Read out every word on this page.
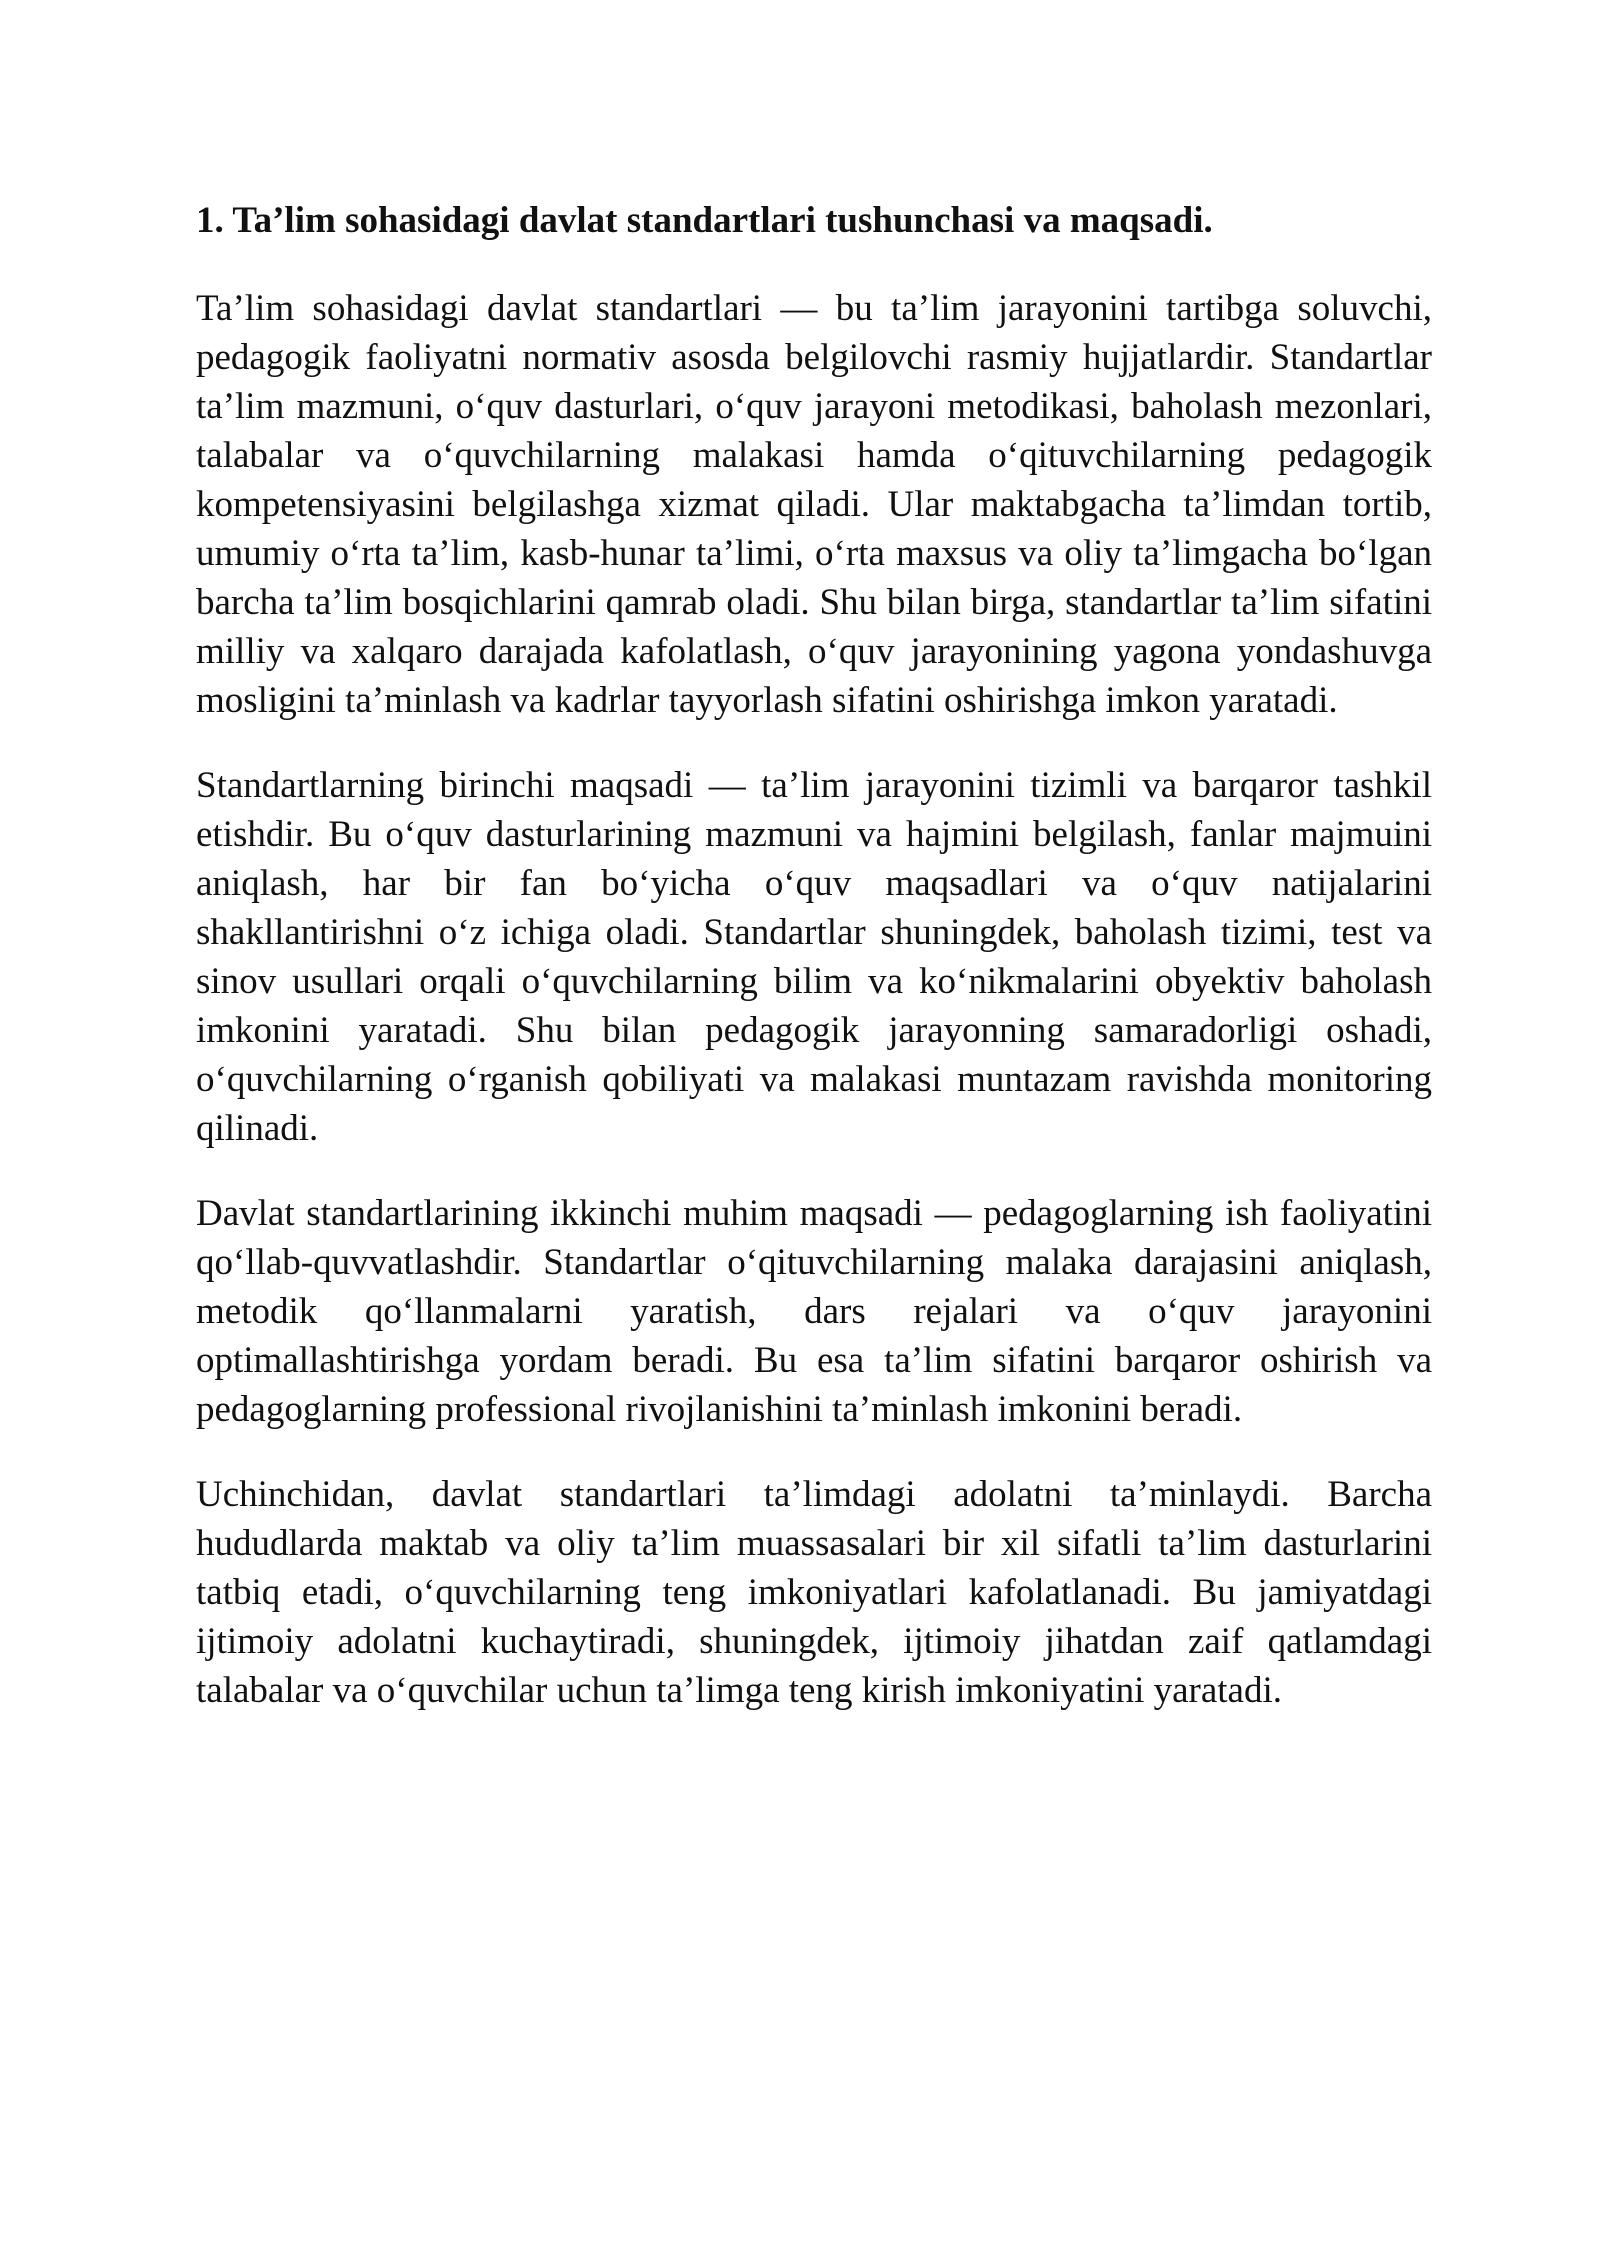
1. Ta’lim sohasidagi davlat standartlari tushunchasi va maqsadi.

Ta’lim sohasidagi davlat standartlari — bu ta’lim jarayonini tartibga soluvchi, pedagogik faoliyatni normativ asosda belgilovchi rasmiy hujjatlardir. Standartlar ta’lim mazmuni, o‘quv dasturlari, o‘quv jarayoni metodikasi, baholash mezonlari, talabalar va o‘quvchilarning malakasi hamda o‘qituvchilarning pedagogik kompetensiyasini belgilashga xizmat qiladi. Ular maktabgacha ta’limdan tortib, umumiy o‘rta ta’lim, kasb-hunar ta’limi, o‘rta maxsus va oliy ta’limgacha bo‘lgan barcha ta’lim bosqichlarini qamrab oladi. Shu bilan birga, standartlar ta’lim sifatini milliy va xalqaro darajada kafolatlash, o‘quv jarayonining yagona yondashuvga mosligini ta’minlash va kadrlar tayyorlash sifatini oshirishga imkon yaratadi.

Standartlarning birinchi maqsadi — ta’lim jarayonini tizimli va barqaror tashkil etishdir. Bu o‘quv dasturlarining mazmuni va hajmini belgilash, fanlar majmuini aniqlash, har bir fan bo‘yicha o‘quv maqsadlari va o‘quv natijalarini shakllantirishni o‘z ichiga oladi. Standartlar shuningdek, baholash tizimi, test va sinov usullari orqali o‘quvchilarning bilim va ko‘nikmalarini obyektiv baholash imkonini yaratadi. Shu bilan pedagogik jarayonning samaradorligi oshadi, o‘quvchilarning o‘rganish qobiliyati va malakasi muntazam ravishda monitoring qilinadi.

Davlat standartlarining ikkinchi muhim maqsadi — pedagoglarning ish faoliyatini qo‘llab-quvvatlashdir. Standartlar o‘qituvchilarning malaka darajasini aniqlash, metodik qo‘llanmalarni yaratish, dars rejalari va o‘quv jarayonini optimallashtirishga yordam beradi. Bu esa ta’lim sifatini barqaror oshirish va pedagoglarning professional rivojlanishini ta’minlash imkonini beradi.

Uchinchidan, davlat standartlari ta’limdagi adolatni ta’minlaydi. Barcha hududlarda maktab va oliy ta’lim muassasalari bir xil sifatli ta’lim dasturlarini tatbiq etadi, o‘quvchilarning teng imkoniyatlari kafolatlanadi. Bu jamiyatdagi ijtimoiy adolatni kuchaytiradi, shuningdek, ijtimoiy jihatdan zaif qatlamdagi talabalar va o‘quvchilar uchun ta’limga teng kirish imkoniyatini yaratadi.
